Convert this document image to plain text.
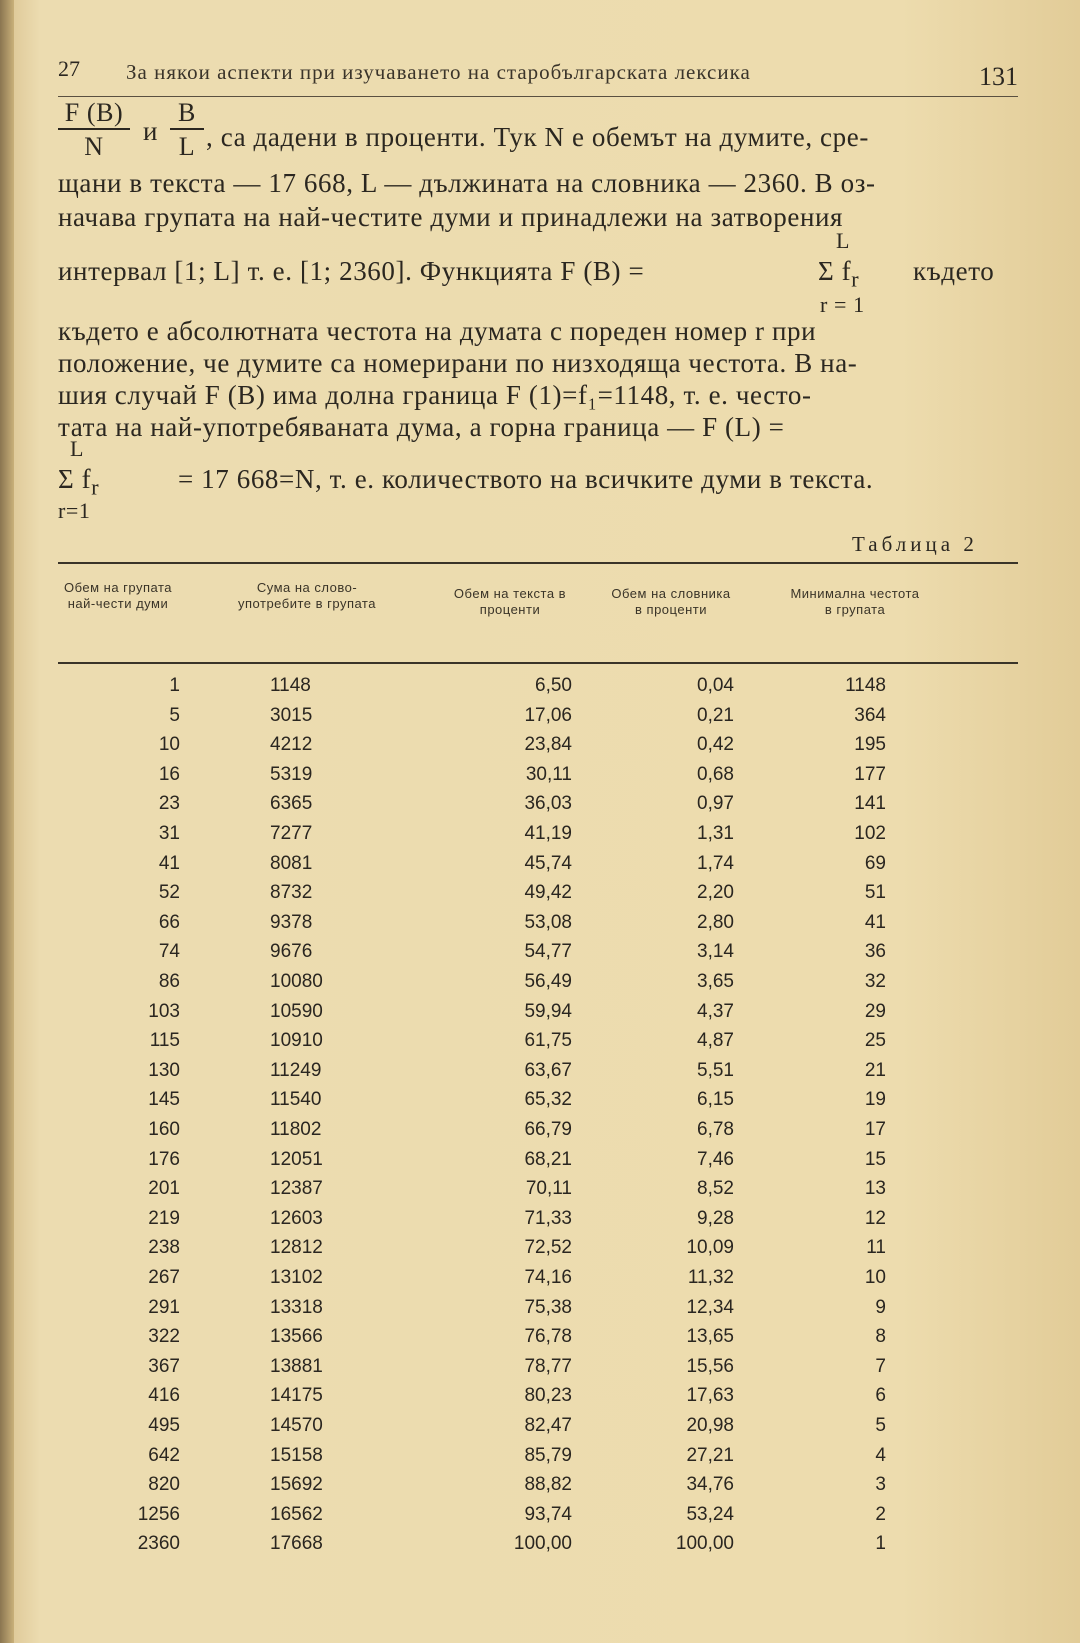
27 За някои аспекти при изучаването на старобългарската лексика	131
F (B)
N
и
B
L , са дадени в проценти. Тук N е обемът на думите, сре-
щани в текста — 17 668, L — дължината на словника — 2360. B оз-
начава групата на най-честите думи и принадлежи на затворения
L
интервал [1; L] т. е. [1; 2360]. Функцията F (B) =	Σ $f_r$ където
r = 1
където е абсолютната честота на думата с пореден номер r при
положение, че думите са номерирани по низходяща честота. В на-
шия случай F (B) има долна граница F (1)=f₁=1148, т. е. често-
тата на най-употребяваната дума, а горна граница — F (L) =
L
Σ $f_r$
r=1
= 17 668=N, т. е. количеството на всичките думи в текста.
Таблица 2
Обем на групата най-чести думи
Сума на слово-употребите в групата
Обем на текста в проценти
Обем на словника в проценти
Минимална честота в групата
1	1148	6,50	0,04	1148
5	3015	17,06	0,21	364
10	4212	23,84	0,42	195
16	5319	30,11	0,68	177
23	6365	36,03	0,97	141
31	7277	41,19	1,31	102
41	8081	45,74	1,74	69
52	8732	49,42	2,20	51
66	9378	53,08	2,80	41
74	9676	54,77	3,14	36
86	10080	56,49	3,65	32
103	10590	59,94	4,37	29
115	10910	61,75	4,87	25
130	11249	63,67	5,51	21
145	11540	65,32	6,15	19
160	11802	66,79	6,78	17
176	12051	68,21	7,46	15
201	12387	70,11	8,52	13
219	12603	71,33	9,28	12
238	12812	72,52	10,09	11
267	13102	74,16	11,32	10
291	13318	75,38	12,34	9
322	13566	76,78	13,65	8
367	13881	78,77	15,56	7
416	14175	80,23	17,63	6
495	14570	82,47	20,98	5
642	15158	85,79	27,21	4
820	15692	88,82	34,76	3
1256	16562	93,74	53,24	2
2360	17668	100,00	100,00	1
